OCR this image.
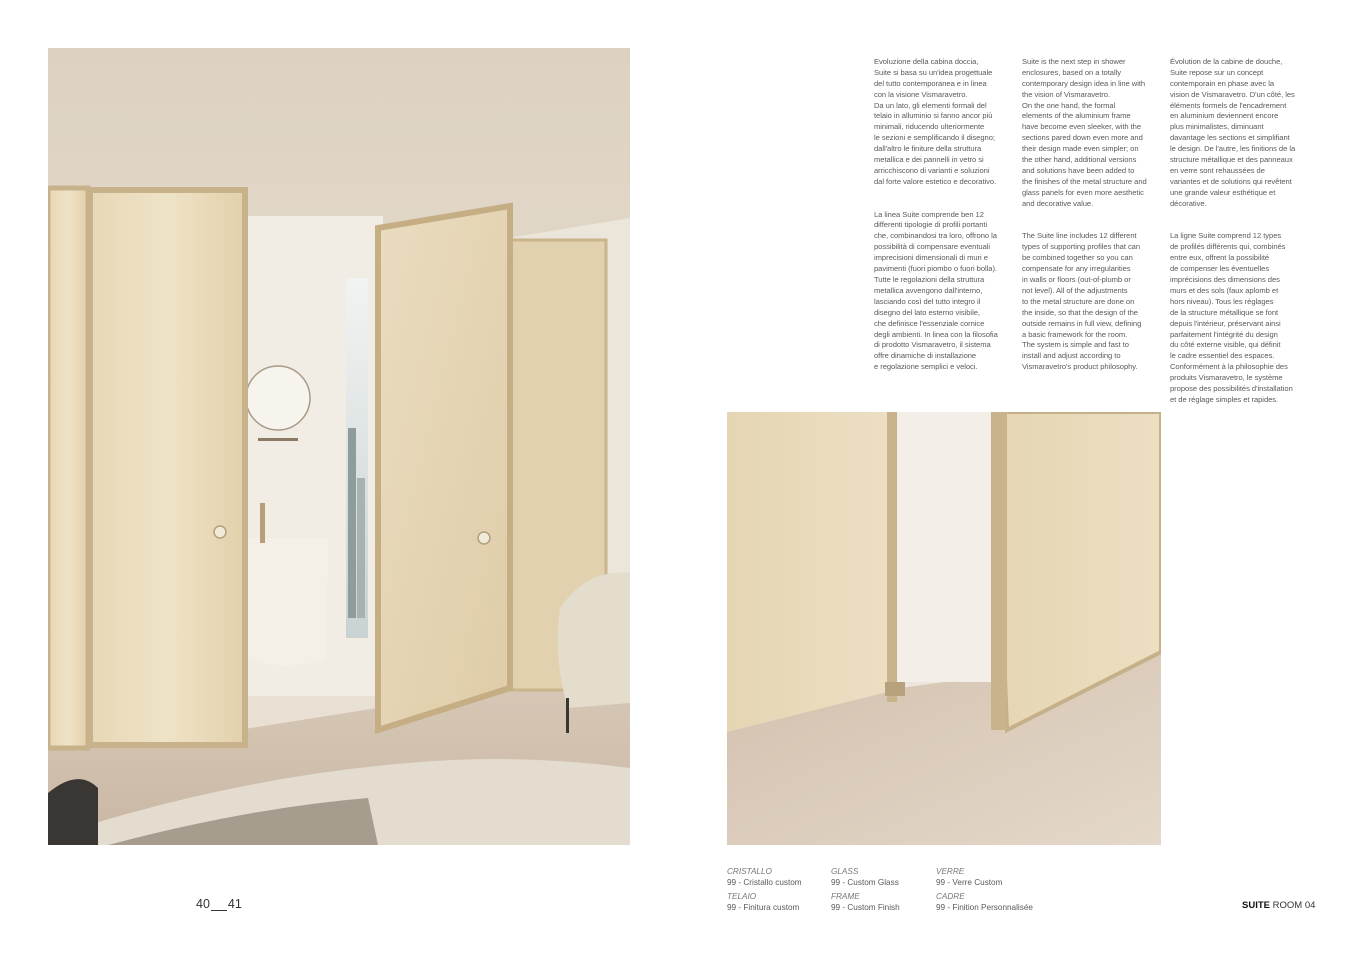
Evoluzione della cabina doccia,
Suite si basa su un'idea progettuale
del tutto contemporanea e in linea
con la visione Vismaravetro.
Da un lato, gli elementi formali del
telaio in alluminio si fanno ancor più
minimali, riducendo ulteriormente
le sezioni e semplificando il disegno;
dall'altro le finiture della struttura
metallica e dei pannelli in vetro si
arricchiscono di varianti e soluzioni
dal forte valore estetico e decorativo.

La linea Suite comprende ben 12
differenti tipologie di profili portanti
che, combinandosi tra loro, offrono la
possibilità di compensare eventuali
imprecisioni dimensionali di muri e
pavimenti (fuori piombo o fuori bolla).
Tutte le regolazioni della struttura
metallica avvengono dall'interno,
lasciando così del tutto integro il
disegno del lato esterno visibile,
che definisce l'essenziale cornice
degli ambienti. In linea con la filosofia
di prodotto Vismaravetro, il sistema
offre dinamiche di installazione
e regolazione semplici e veloci.

Suite is the next step in shower
enclosures, based on a totally
contemporary design idea in line with
the vision of Vismaravetro.
On the one hand, the formal
elements of the aluminium frame
have become even sleeker, with the
sections pared down even more and
their design made even simpler; on
the other hand, additional versions
and solutions have been added to
the finishes of the metal structure and
glass panels for even more aesthetic
and decorative value.

The Suite line includes 12 different
types of supporting profiles that can
be combined together so you can
compensate for any irregularities
in walls or floors (out-of-plumb or
not level). All of the adjustments
to the metal structure are done on
the inside, so that the design of the
outside remains in full view, defining
a basic framework for the room.
The system is simple and fast to
install and adjust according to
Vismaravetro's product philosophy.

Évolution de la cabine de douche,
Suite repose sur un concept
contemporain en phase avec la
vision de Vismaravetro. D'un côté, les
éléments formels de l'encadrement
en aluminium deviennent encore
plus minimalistes, diminuant
davantage les sections et simplifiant
le design. De l'autre, les finitions de la
structure métallique et des panneaux
en verre sont rehaussées de
variantes et de solutions qui revêtent
une grande valeur esthétique et
décorative.

La ligne Suite comprend 12 types
de profilés différents qui, combinés
entre eux, offrent la possibilité
de compenser les éventuelles
imprécisions des dimensions des
murs et des sols (faux aplomb et
hors niveau). Tous les réglages
de la structure métallique se font
depuis l'intérieur, préservant ainsi
parfaitement l'intégrité du design
du côté externe visible, qui définit
le cadre essentiel des espaces.
Conformément à la philosophie des
produits Vismaravetro, le système
propose des possibilités d'installation
et de réglage simples et rapides.

CRISTALLO
99 - Cristallo custom
TELAIO
99 - Finitura custom
GLASS
99 - Custom Glass
FRAME
99 - Custom Finish
VERRE
99 - Verre Custom
CADRE
99 - Finition Personnalisée
40 41	SUITE ROOM 04
